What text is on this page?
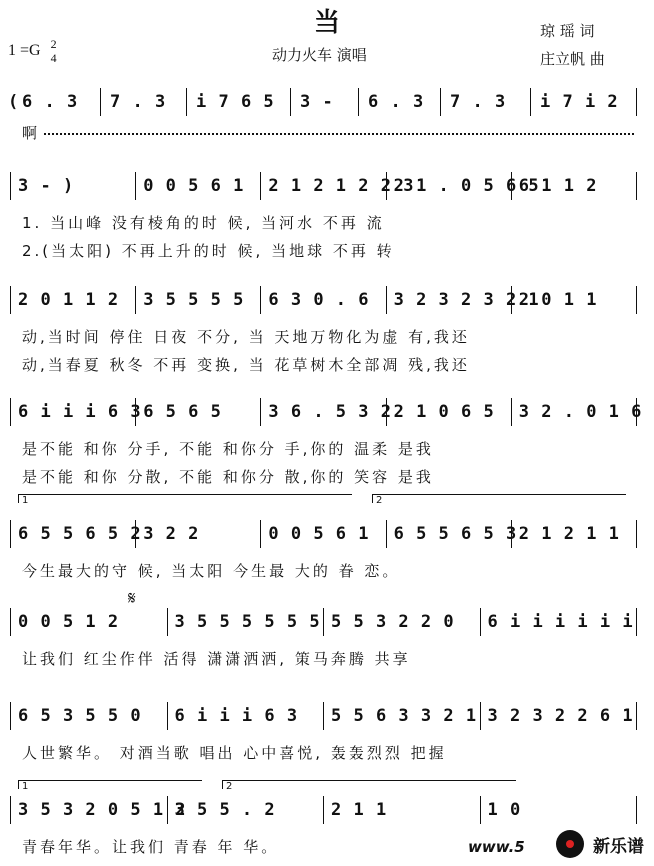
当
1 =G 2
4	动力火车 演唱
琼 瑶 词
庄立帆 曲
( 6 . 3 7 . 3 i 7 6 5 3 - 6 . 3 7 . 3 i 7 i 2
啊
3 - )	0 0 5 6 1 2 1 2 1 2 2 3
2 1 . 0 5 6 5
6 1 1 2
1. 当山峰 没有棱角的时 候, 当河水 不再 流
2.(当太阳) 不再上升的时 候, 当地球 不再 转
2 0 1 1 2 3 5 5 5 5 6 3 0 . 6 3 2 3 2 3 2 1
2 0 1 1
动,当时间 停住 日夜 不分, 当 天地万物化为虚 有,我还
动,当春夏 秋冬 不再 变换, 当 花草树木全部凋 残,我还
6 i i i 6 3 6 5 6 5	3 6 . 5 3 2 2 1 0 6 5 3 2 . 0 1 6
是不能 和你 分手, 不能 和你分 手,你的 温柔 是我
是不能 和你 分散, 不能 和你分 散,你的 笑容 是我
6 5 5 6 5 2 3 2 2	0 0 5 6 1 6 5 5 6 5 3 2 1 2 1 1
今生最大的守 候, 当太阳 今生最 大的 眷 恋。
0 0 5 1 2	3 5 5 5 5 5 5 5 5 3 2 2 0 6 i i i i i i
让我们 红尘作伴 活得 潇潇洒洒, 策马奔腾 共享
6 5 3 5 5 0 6 i i i 6 3 5 5 6 3 3 2 1 3 2 3 2 2 6 1
人世繁华。 对酒当歌 唱出 心中喜悦, 轰轰烈烈 把握
3 5 3 2 0 5 1 2
3 5 5 . 2	2 1 1	1 0
青春年华。让我们 青春 年 华。
𝄋
1	2
1	2
www.5	新乐谱
